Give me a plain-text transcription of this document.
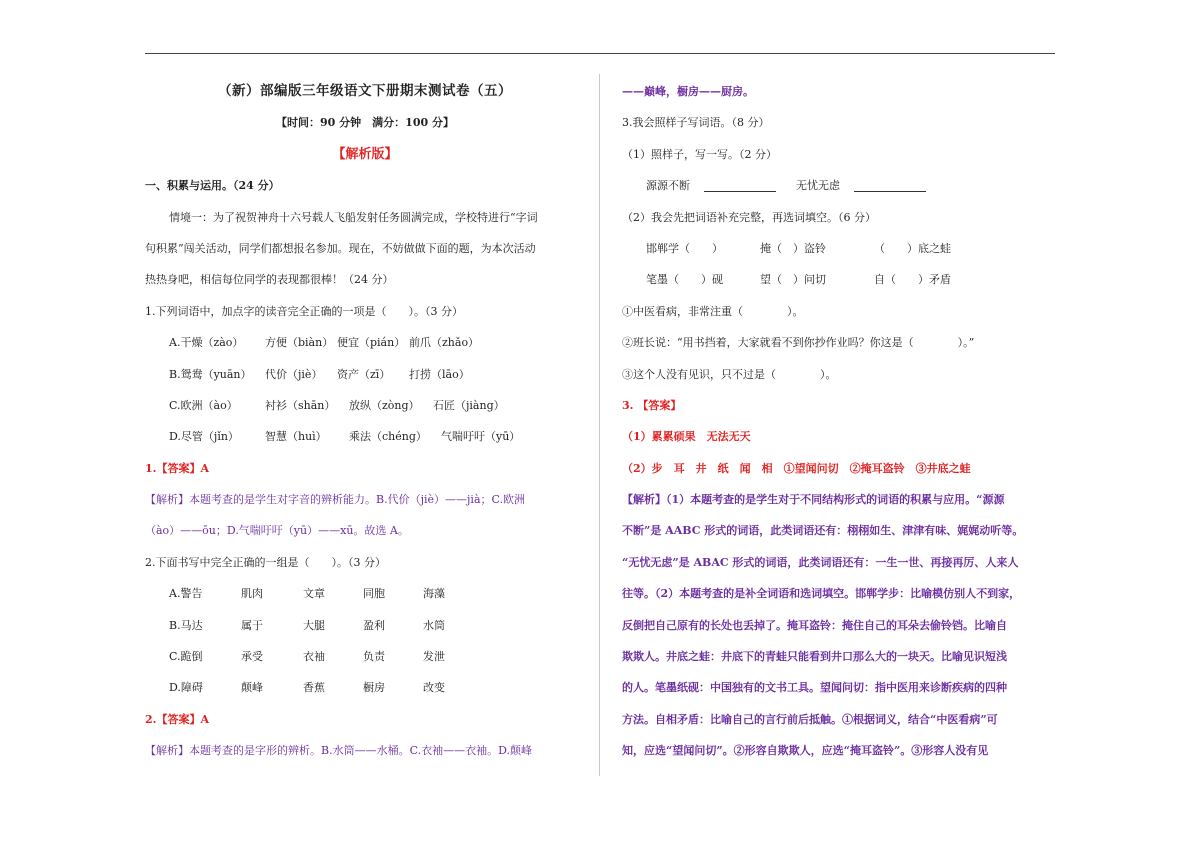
（新）部编版三年级语文下册期末测试卷（五）
【时间：90 分钟　满分：100 分】
【解析版】
一、积累与运用。（24 分）
情境一：为了祝贺神舟十六号载人飞船发射任务圆满完成，学校特进行“字词
句积累”闯关活动，同学们都想报名参加。现在，不妨做做下面的题，为本次活动
热热身吧，相信每位同学的表现都很棒！（24 分）
1.下列词语中，加点字的读音完全正确的一项是（　　）。（3 分）
A.干燥（zào） 方便（biàn） 便宜（pián） 前爪（zhǎo）
B.鸳鸯（yuān） 代价（jiè） 资产（zī） 打捞（lāo）
C.欧洲（ào） 衬衫（shān） 放纵（zòng） 石匠（jiàng）
D.尽管（jǐn） 智慧（huì） 乘法（chéng） 气喘吁吁（yū）
1.【答案】A
【解析】本题考查的是学生对字音的辨析能力。B.代价（jiè）——jià；C.欧洲
（ào）——ōu；D.气喘吁吁（yū）——xū。故选 A。
2.下面书写中完全正确的一组是（　　）。（3 分）
A.警告	肌肉	文章	同胞	海藻
B.马达	属于	大腿	盈利	水筒
C.跪倒	承受	衣袖	负责	发泄
D.障碍	颠峰	香蕉	橱房	改变
2.【答案】A
【解析】本题考查的是字形的辨析。B.水筒——水桶。C.衣袖——衣袖。D.颠峰
——巅峰，橱房——厨房。
3.我会照样子写词语。（8 分）
（1）照样子，写一写。（2 分）
源源不断	无忧无虑
（2）我会先把词语补充完整，再选词填空。（6 分）
邯郸学（　　）	掩（　）盗铃	（　　）底之蛙
笔墨（　　）砚	望（　）问切	自（　　）矛盾
①中医看病，非常注重（　　　　）。
②班长说：“用书挡着，大家就看不到你抄作业吗？你这是（　　　　）。”
③这个人没有见识，只不过是（　　　　）。
3. 【答案】
（1）累累硕果　无法无天
（2）步　耳　井　纸　闻　相　①望闻问切　②掩耳盗铃　③井底之蛙
【解析】（1）本题考查的是学生对于不同结构形式的词语的积累与应用。“源源
不断”是 AABC 形式的词语，此类词语还有：栩栩如生、津津有味、娓娓动听等。
“无忧无虑”是 ABAC 形式的词语，此类词语还有：一生一世、再接再厉、人来人
往等。（2）本题考查的是补全词语和选词填空。邯郸学步：比喻模仿别人不到家，
反倒把自己原有的长处也丢掉了。掩耳盗铃：掩住自己的耳朵去偷铃铛。比喻自
欺欺人。井底之蛙：井底下的青蛙只能看到井口那么大的一块天。比喻见识短浅
的人。笔墨纸砚：中国独有的文书工具。望闻问切：指中医用来诊断疾病的四种
方法。自相矛盾：比喻自己的言行前后抵触。①根据词义，结合“中医看病”可
知，应选“望闻问切”。②形容自欺欺人，应选“掩耳盗铃”。③形容人没有见
